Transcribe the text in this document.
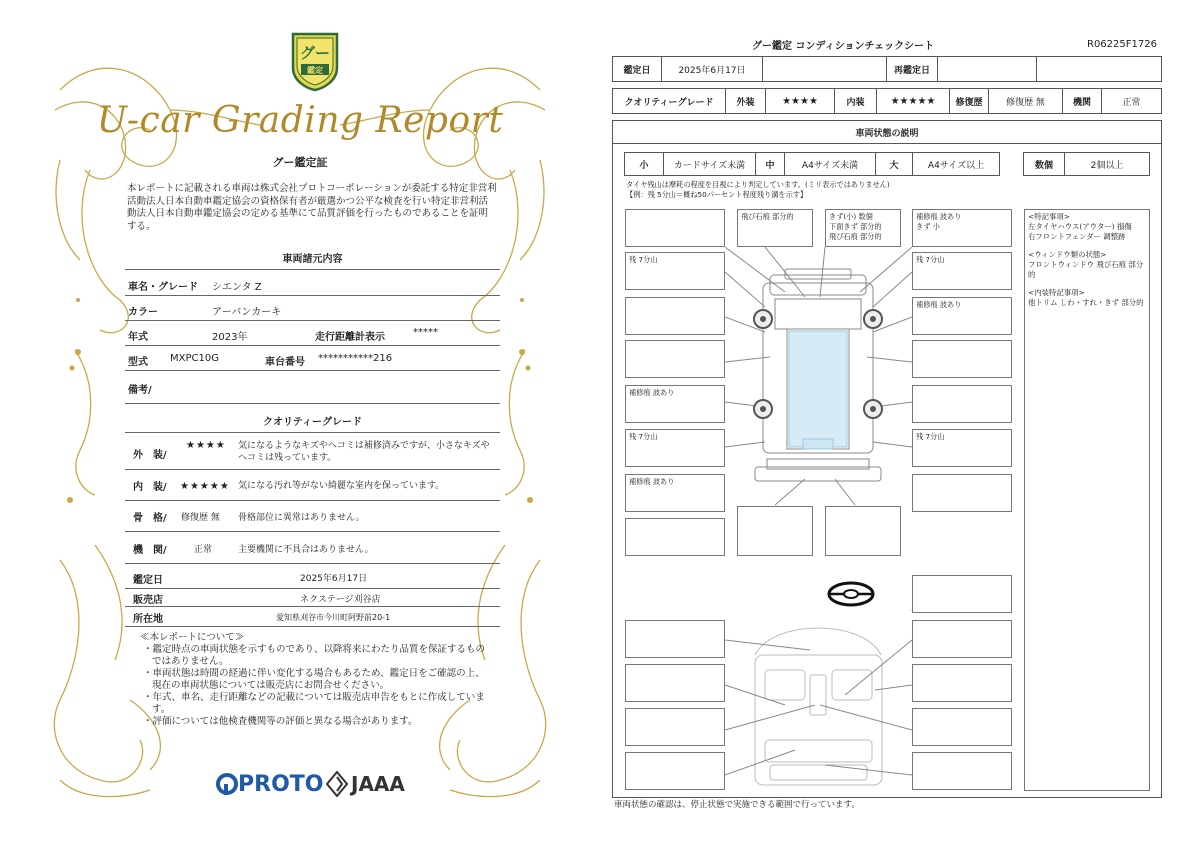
グー
鑑定
U-car Grading Report
グー鑑定証
本レポートに記載される車両は株式会社プロトコーポレーションが委託する特定非営利活動法人日本自動車鑑定協会の資格保有者が厳選かつ公平な検査を行い特定非営利活動法人日本自動車鑑定協会の定める基準にて品質評価を行ったものであることを証明する。
車両諸元内容
車名・グレード シエンタ Z
カラー	アーバンカーキ
年式	2023年	走行距離計表示	*****
型式 MXPC10G	車台番号 ***********216
備考/
クオリティーグレード
外　装/
★★★★ 気になるようなキズやヘコミは補修済みですが、小さなキズやヘコミは残っています。
内　装/ ★★★★★ 気になる汚れ等がない綺麗な室内を保っています。
骨　格/ 修復歴 無 骨格部位に異常はありません。
機　関/	正常	主要機関に不具合はありません。
鑑定日	2025年6月17日
販売店	ネクステージ刈谷店
所在地	愛知県刈谷市今川町阿野前20-1
≪本レポートについて≫
・鑑定時点の車両状態を示すものであり、以降将来にわたり品質を保証するものではありません。
・車両状態は時間の経過に伴い変化する場合もあるため、鑑定日をご確認の上、現在の車両状態については販売店にお問合せください。
・年式、車名、走行距離などの記載については販売店申告をもとに作成しています。
・評価については他検査機関等の評価と異なる場合があります。
PROTO JAAA
グー鑑定 コンディションチェックシート	R06225F1726
鑑定日	2025年6月17日	再鑑定日
クオリティーグレード	外装	★★★★	内装	★★★★★	修復歴	修復歴 無	機関	正常
車両状態の説明
小	カードサイズ未満	中	A4サイズ未満	大	A4サイズ以上	数個	2個以上
タイヤ残山は摩耗の程度を目視により判定しています。(ミリ表示ではありません)
【例：残 5分山＝概ね50パーセント程度残り溝を示す】
残 7分山
補修痕 波あり
残 7分山
補修痕 波あり
飛び石痕 部分的	きず(小) 数個
下面きず 部分的
飛び石痕 部分的
補修痕 波あり
きず 小
残 7分山
補修痕 波あり
残 7分山
<特記事項>
左タイヤハウス(アウター) 損傷
右フロントフェンダー 調整跡
<ウィンドウ類の状態>
フロントウィンドウ 飛び石痕 部分的
<内装特記事項>
他トリム しわ・すれ・きず 部分的
車両状態の確認は、停止状態で実施できる範囲で行っています。
